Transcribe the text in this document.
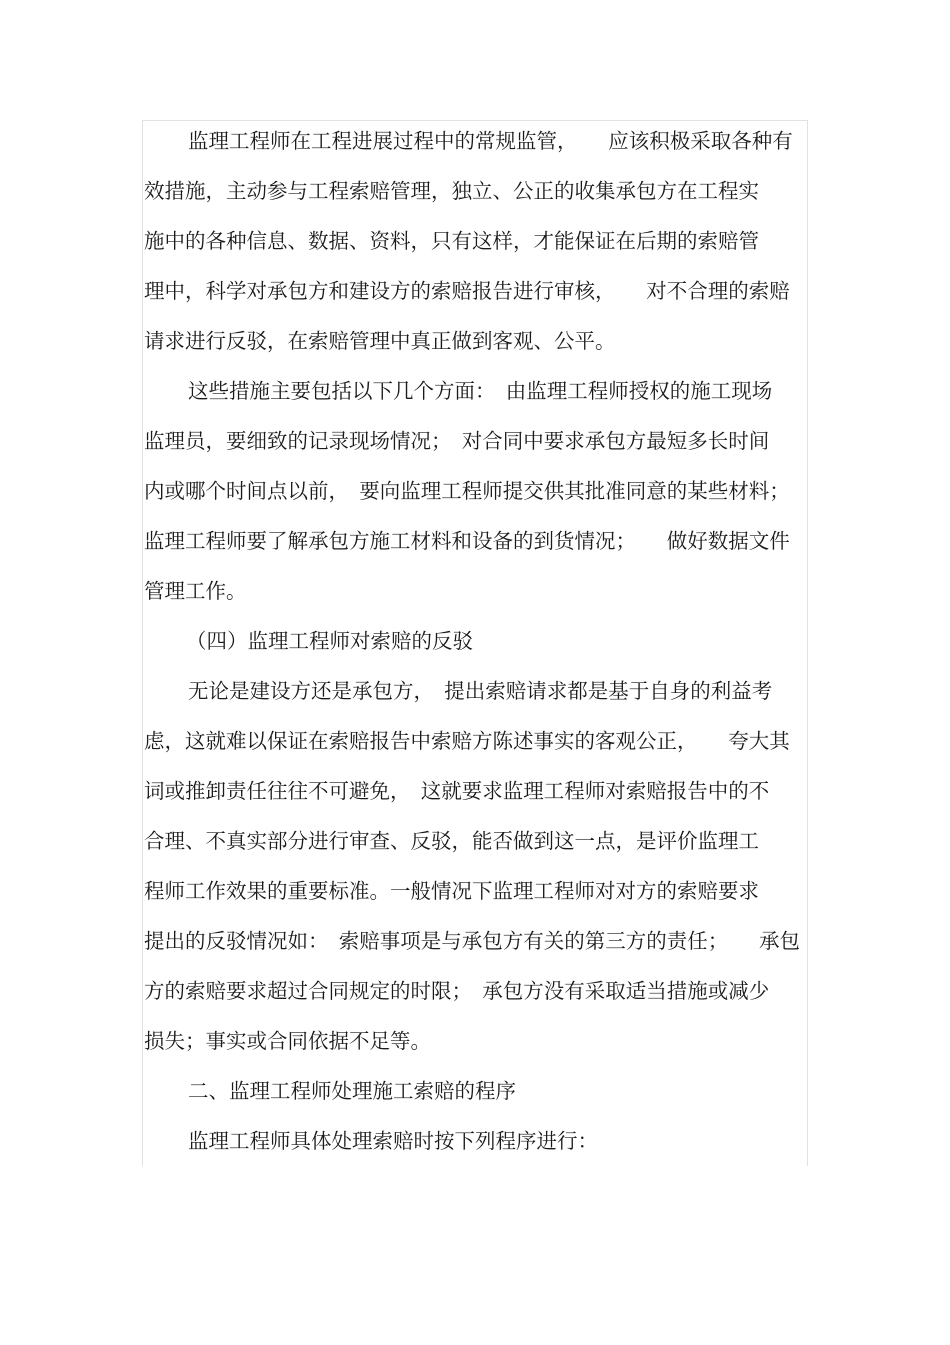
监理工程师在工程进展过程中的常规监管，　　应该积极采取各种有
效措施，主动参与工程索赔管理，独立、公正的收集承包方在工程实
施中的各种信息、数据、资料，只有这样，才能保证在后期的索赔管
理中，科学对承包方和建设方的索赔报告进行审核，　　对不合理的索赔
请求进行反驳，在索赔管理中真正做到客观、公平。
这些措施主要包括以下几个方面：　由监理工程师授权的施工现场
监理员，要细致的记录现场情况；　对合同中要求承包方最短多长时间
内或哪个时间点以前，　要向监理工程师提交供其批准同意的某些材料；
监理工程师要了解承包方施工材料和设备的到货情况；　　做好数据文件
管理工作。
（四）监理工程师对索赔的反驳
无论是建设方还是承包方，　提出索赔请求都是基于自身的利益考
虑，这就难以保证在索赔报告中索赔方陈述事实的客观公正，　　夸大其
词或推卸责任往往不可避免，　这就要求监理工程师对索赔报告中的不
合理、不真实部分进行审查、反驳，能否做到这一点，是评价监理工
程师工作效果的重要标准。一般情况下监理工程师对对方的索赔要求
提出的反驳情况如：　索赔事项是与承包方有关的第三方的责任；　　承包
方的索赔要求超过合同规定的时限；　承包方没有采取适当措施或减少
损失；事实或合同依据不足等。
二、监理工程师处理施工索赔的程序
监理工程师具体处理索赔时按下列程序进行：
